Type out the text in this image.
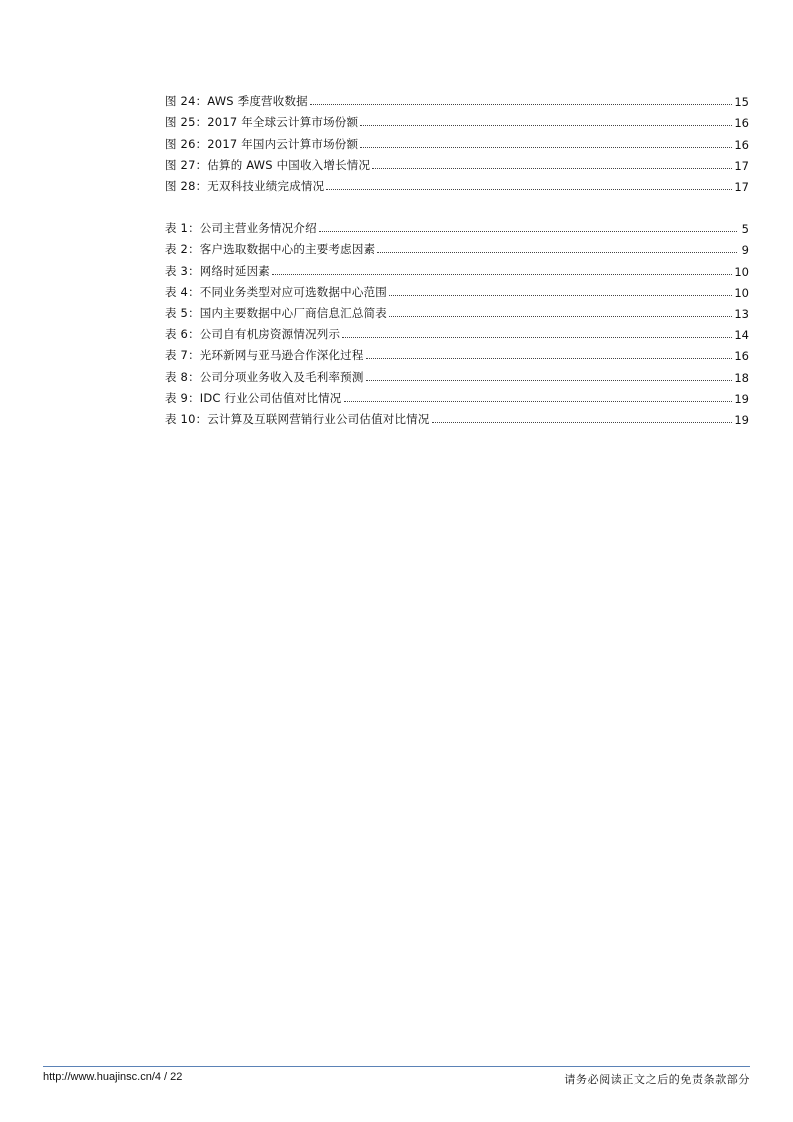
图 24：AWS 季度营收数据	15
图 25：2017 年全球云计算市场份额	16
图 26：2017 年国内云计算市场份额	16
图 27：估算的 AWS 中国收入增长情况	17
图 28：无双科技业绩完成情况	17
表 1：公司主营业务情况介绍	5
表 2：客户选取数据中心的主要考虑因素	9
表 3：网络时延因素	10
表 4：不同业务类型对应可选数据中心范围	10
表 5：国内主要数据中心厂商信息汇总简表	13
表 6：公司自有机房资源情况列示	14
表 7：光环新网与亚马逊合作深化过程	16
表 8：公司分项业务收入及毛利率预测	18
表 9：IDC 行业公司估值对比情况	19
表 10：云计算及互联网营销行业公司估值对比情况	19
http://www.huajinsc.cn/4 / 22	请务必阅读正文之后的免责条款部分
